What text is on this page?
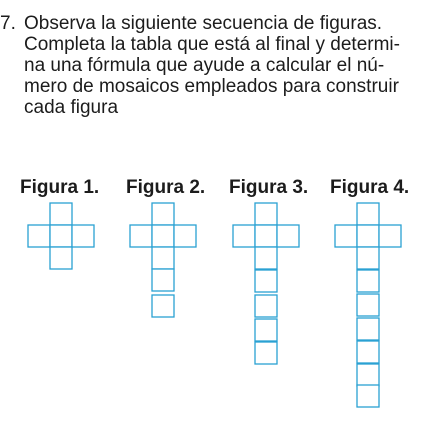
7. Observa la siguiente secuencia de figuras.
Completa la tabla que está al final y determi-
na una fórmula que ayude a calcular el nú-
mero de mosaicos empleados para construir
cada figura
Figura 1. Figura 2. Figura 3. Figura 4.
